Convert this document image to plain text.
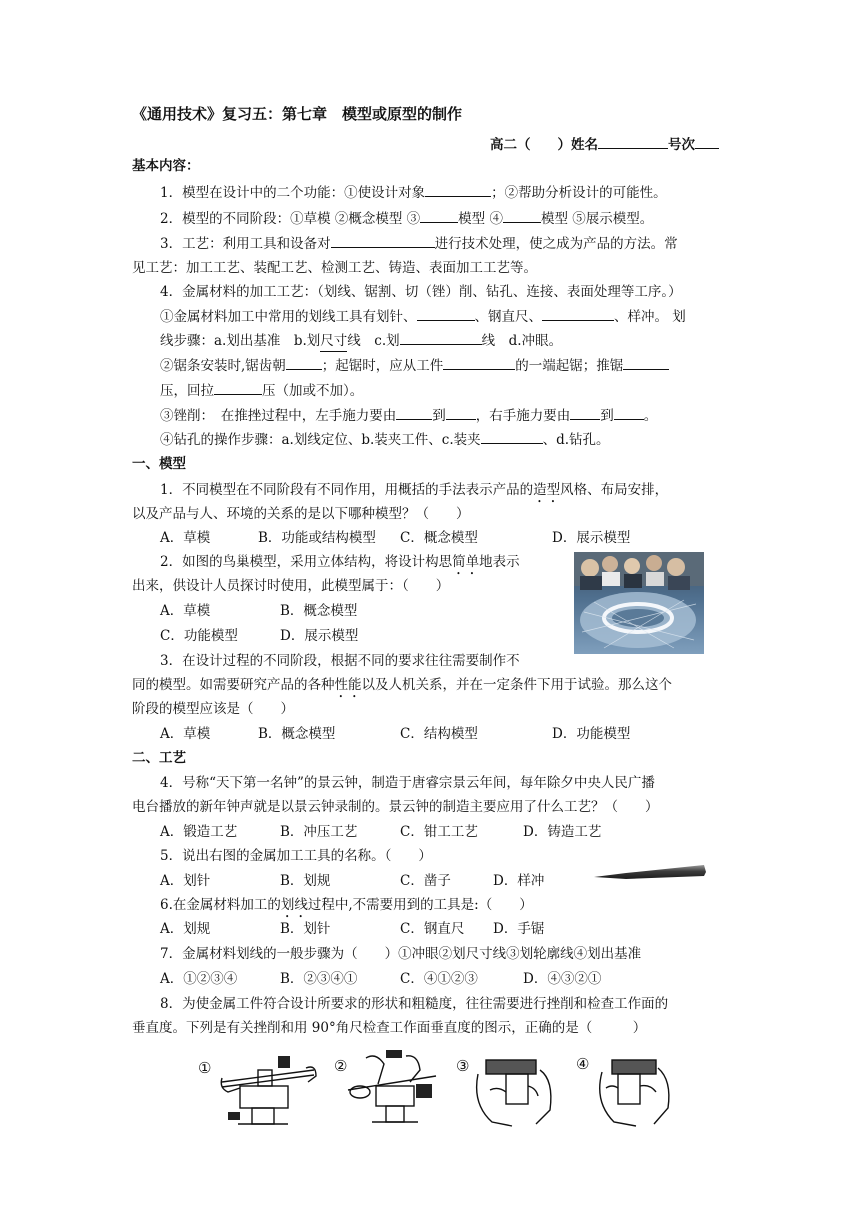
《通用技术》复习五：第七章　模型或原型的制作
高二（　　）姓名	号次
基本内容：
1．模型在设计中的二个功能：①使设计对象	；②帮助分析设计的可能性。
2．模型的不同阶段：①草模 ②概念模型 ③	模型 ④	模型 ⑤展示模型。
3．工艺：利用工具和设备对	进行技术处理，使之成为产品的方法。常
见工艺：加工工艺、装配工艺、检测工艺、铸造、表面加工工艺等。
4．金属材料的加工工艺：（划线、锯割、切（锉）削、钻孔、连接、表面处理等工序。）
①金属材料加工中常用的划线工具有划针、	、钢直尺、	、样冲。 划
线步骤：a.划出基准　b.划尺寸线　c.划	线　d.冲眼。
②锯条安装时,锯齿朝	；起锯时，应从工件	的一端起锯；推锯
压，回拉	压（加或不加）。
③锉削：　在推挫过程中，左手施力要由	到 ，右手施力要由 到 。
④钻孔的操作步骤：a.划线定位、b.装夹工件、c.装夹	、d.钻孔。
一、模型
1．不同模型在不同阶段有不同作用，用概括的手法表示产品的造型风格、布局安排，
以及产品与人、环境的关系的是以下哪种模型？（　　）
A．草模	B．功能或结构模型 C．概念模型	D．展示模型
2．如图的鸟巢模型，采用立体结构，将设计构思简单地表示
出来，供设计人员探讨时使用，此模型属于：（　　）
A．草模	B．概念模型
C．功能模型	D．展示模型
3．在设计过程的不同阶段，根据不同的要求往往需要制作不
同的模型。如需要研究产品的各种性能以及人机关系，并在一定条件下用于试验。那么这个
阶段的模型应该是（　　）
A．草模	B．概念模型	C．结构模型	D．功能模型
二、工艺
4．号称“天下第一名钟”的景云钟，制造于唐睿宗景云年间，每年除夕中央人民广播
电台播放的新年钟声就是以景云钟录制的。景云钟的制造主要应用了什么工艺？（　　）
A．锻造工艺	B．冲压工艺	C．钳工工艺	D．铸造工艺
5．说出右图的金属加工工具的名称。（　　）
A．划针	B．划规	C．凿子	D．样冲
6.在金属材料加工的划线过程中,不需要用到的工具是:（　　）
A．划规	B．划针	C．钢直尺 D．手锯
7．金属材料划线的一般步骤为（　　）①冲眼②划尺寸线③划轮廓线④划出基准
A．①②③④	B．②③④①	C．④①②③	D．④③②①
8．为使金属工件符合设计所要求的形状和粗糙度，往往需要进行挫削和检查工作面的
垂直度。下列是有关挫削和用 90°角尺检查工作面垂直度的图示，正确的是（　　　）
①	②	③	④
